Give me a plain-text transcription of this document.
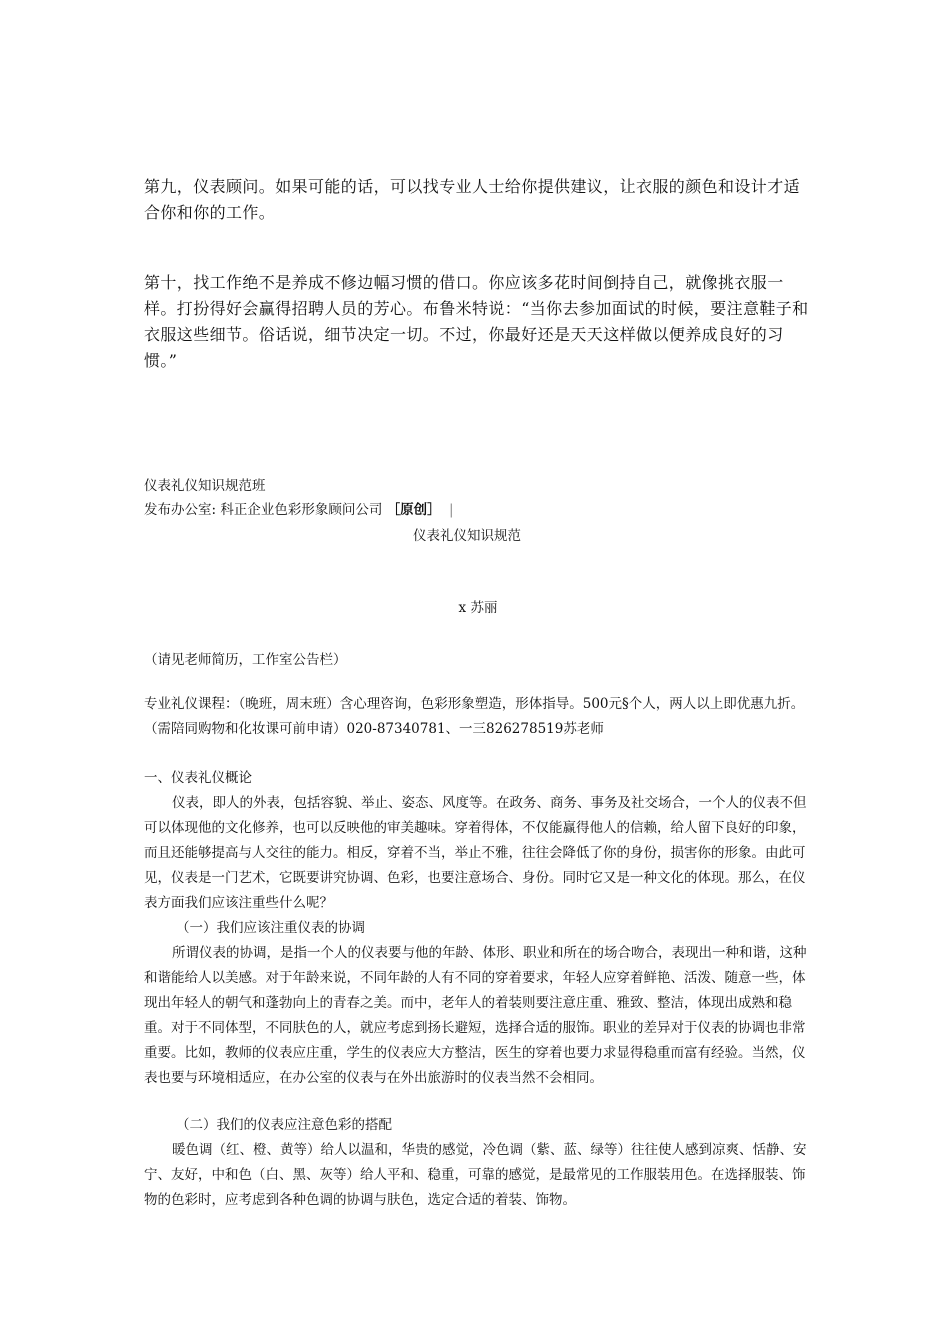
第九，仪表顾问。如果可能的话，可以找专业人士给你提供建议，让衣服的颜色和设计才适合你和你的工作。

第十，找工作绝不是养成不修边幅习惯的借口。你应该多花时间倒持自己，就像挑衣服一样。打扮得好会赢得招聘人员的芳心。布鲁米特说：“当你去参加面试的时候，要注意鞋子和衣服这些细节。俗话说，细节决定一切。不过，你最好还是天天这样做以便养成良好的习惯。”

仪表礼仪知识规范班

发布办公室: 科正企业色彩形象顾问公司 ［原创］ |

仪表礼仪知识规范

x 苏丽

（请见老师简历，工作室公告栏）

专业礼仪课程：（晚班，周末班）含心理咨询，色彩形象塑造，形体指导。500元§个人，两人以上即优惠九折。（需陪同购物和化妆课可前申请）020-87340781、一三826278519苏老师

一、仪表礼仪概论

仪表，即人的外表，包括容貌、举止、姿态、风度等。在政务、商务、事务及社交场合，一个人的仪表不但可以体现他的文化修养，也可以反映他的审美趣味。穿着得体，不仅能赢得他人的信赖，给人留下良好的印象，而且还能够提高与人交往的能力。相反，穿着不当，举止不雅，往往会降低了你的身份，损害你的形象。由此可见，仪表是一门艺术，它既要讲究协调、色彩，也要注意场合、身份。同时它又是一种文化的体现。那么，在仪表方面我们应该注重些什么呢？

（一）我们应该注重仪表的协调

所谓仪表的协调，是指一个人的仪表要与他的年龄、体形、职业和所在的场合吻合，表现出一种和谐，这种和谐能给人以美感。对于年龄来说，不同年龄的人有不同的穿着要求，年轻人应穿着鲜艳、活泼、随意一些，体现出年轻人的朝气和蓬勃向上的青春之美。而中，老年人的着装则要注意庄重、雅致、整洁，体现出成熟和稳重。对于不同体型，不同肤色的人，就应考虑到扬长避短，选择合适的服饰。职业的差异对于仪表的协调也非常重要。比如，教师的仪表应庄重，学生的仪表应大方整洁，医生的穿着也要力求显得稳重而富有经验。当然，仪表也要与环境相适应，在办公室的仪表与在外出旅游时的仪表当然不会相同。

（二）我们的仪表应注意色彩的搭配

暖色调（红、橙、黄等）给人以温和，华贵的感觉，冷色调（紫、蓝、绿等）往往使人感到凉爽、恬静、安宁、友好，中和色（白、黑、灰等）给人平和、稳重，可靠的感觉，是最常见的工作服装用色。在选择服装、饰物的色彩时，应考虑到各种色调的协调与肤色，选定合适的着装、饰物。
